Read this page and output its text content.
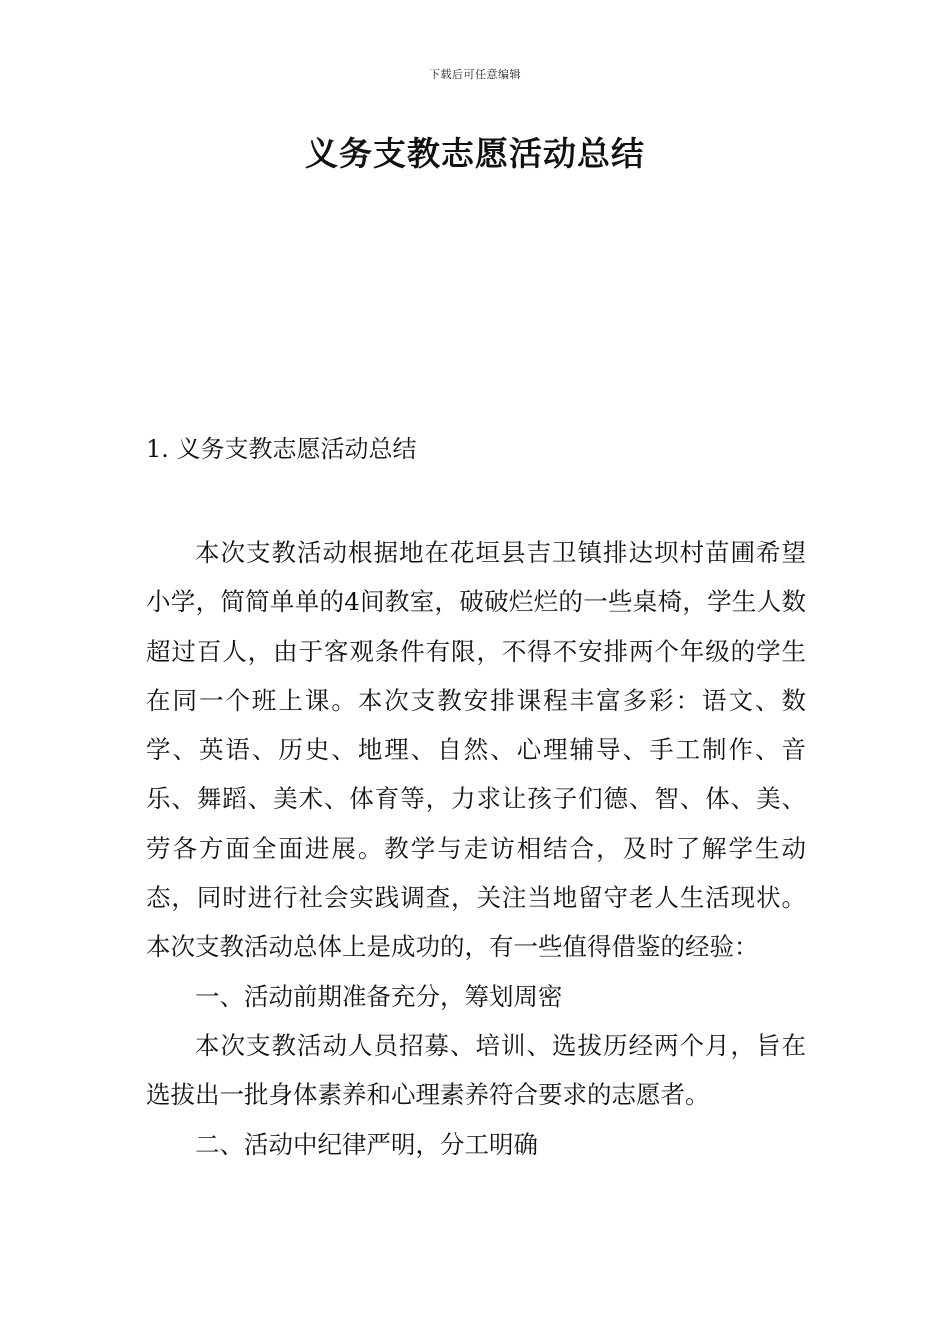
下载后可任意编辑
义务支教志愿活动总结
1. 义务支教志愿活动总结

本次支教活动根据地在花垣县吉卫镇排达坝村苗圃希望小学，简简单单的4间教室，破破烂烂的一些桌椅，学生人数超过百人，由于客观条件有限，不得不安排两个年级的学生在同一个班上课。本次支教安排课程丰富多彩：语文、数学、英语、历史、地理、自然、心理辅导、手工制作、音乐、舞蹈、美术、体育等，力求让孩子们德、智、体、美、劳各方面全面进展。教学与走访相结合，及时了解学生动态，同时进行社会实践调查，关注当地留守老人生活现状。本次支教活动总体上是成功的，有一些值得借鉴的经验：

一、活动前期准备充分，筹划周密

本次支教活动人员招募、培训、选拔历经两个月，旨在选拔出一批身体素养和心理素养符合要求的志愿者。

二、活动中纪律严明，分工明确
